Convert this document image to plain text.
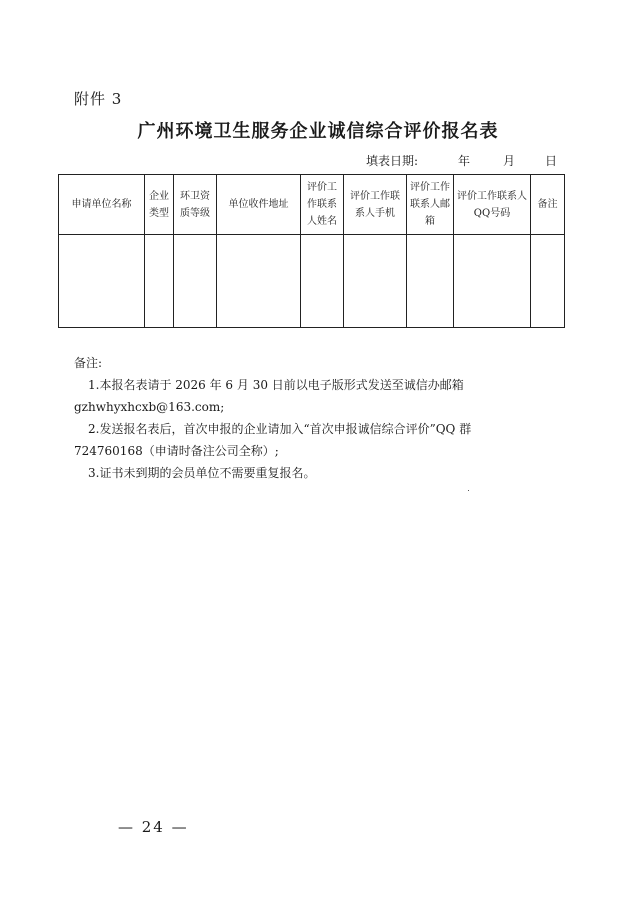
附件 3
广州环境卫生服务企业诚信综合评价报名表
填表日期:	年	月 日
申请单位名称	企业类型	环卫资质等级	单位收件地址	评价工作联系人姓名	评价工作联系人手机	评价工作联系人邮箱	评价工作联系人QQ号码	备注

备注:

1.本报名表请于 2026 年 6 月 30 日前以电子版形式发送至诚信办邮箱

gzhwhyxhcxb@163.com;

2.发送报名表后，首次申报的企业请加入“首次申报诚信综合评价”QQ 群

724760168（申请时备注公司全称）;

3.证书未到期的会员单位不需要重复报名。

— 24 —
